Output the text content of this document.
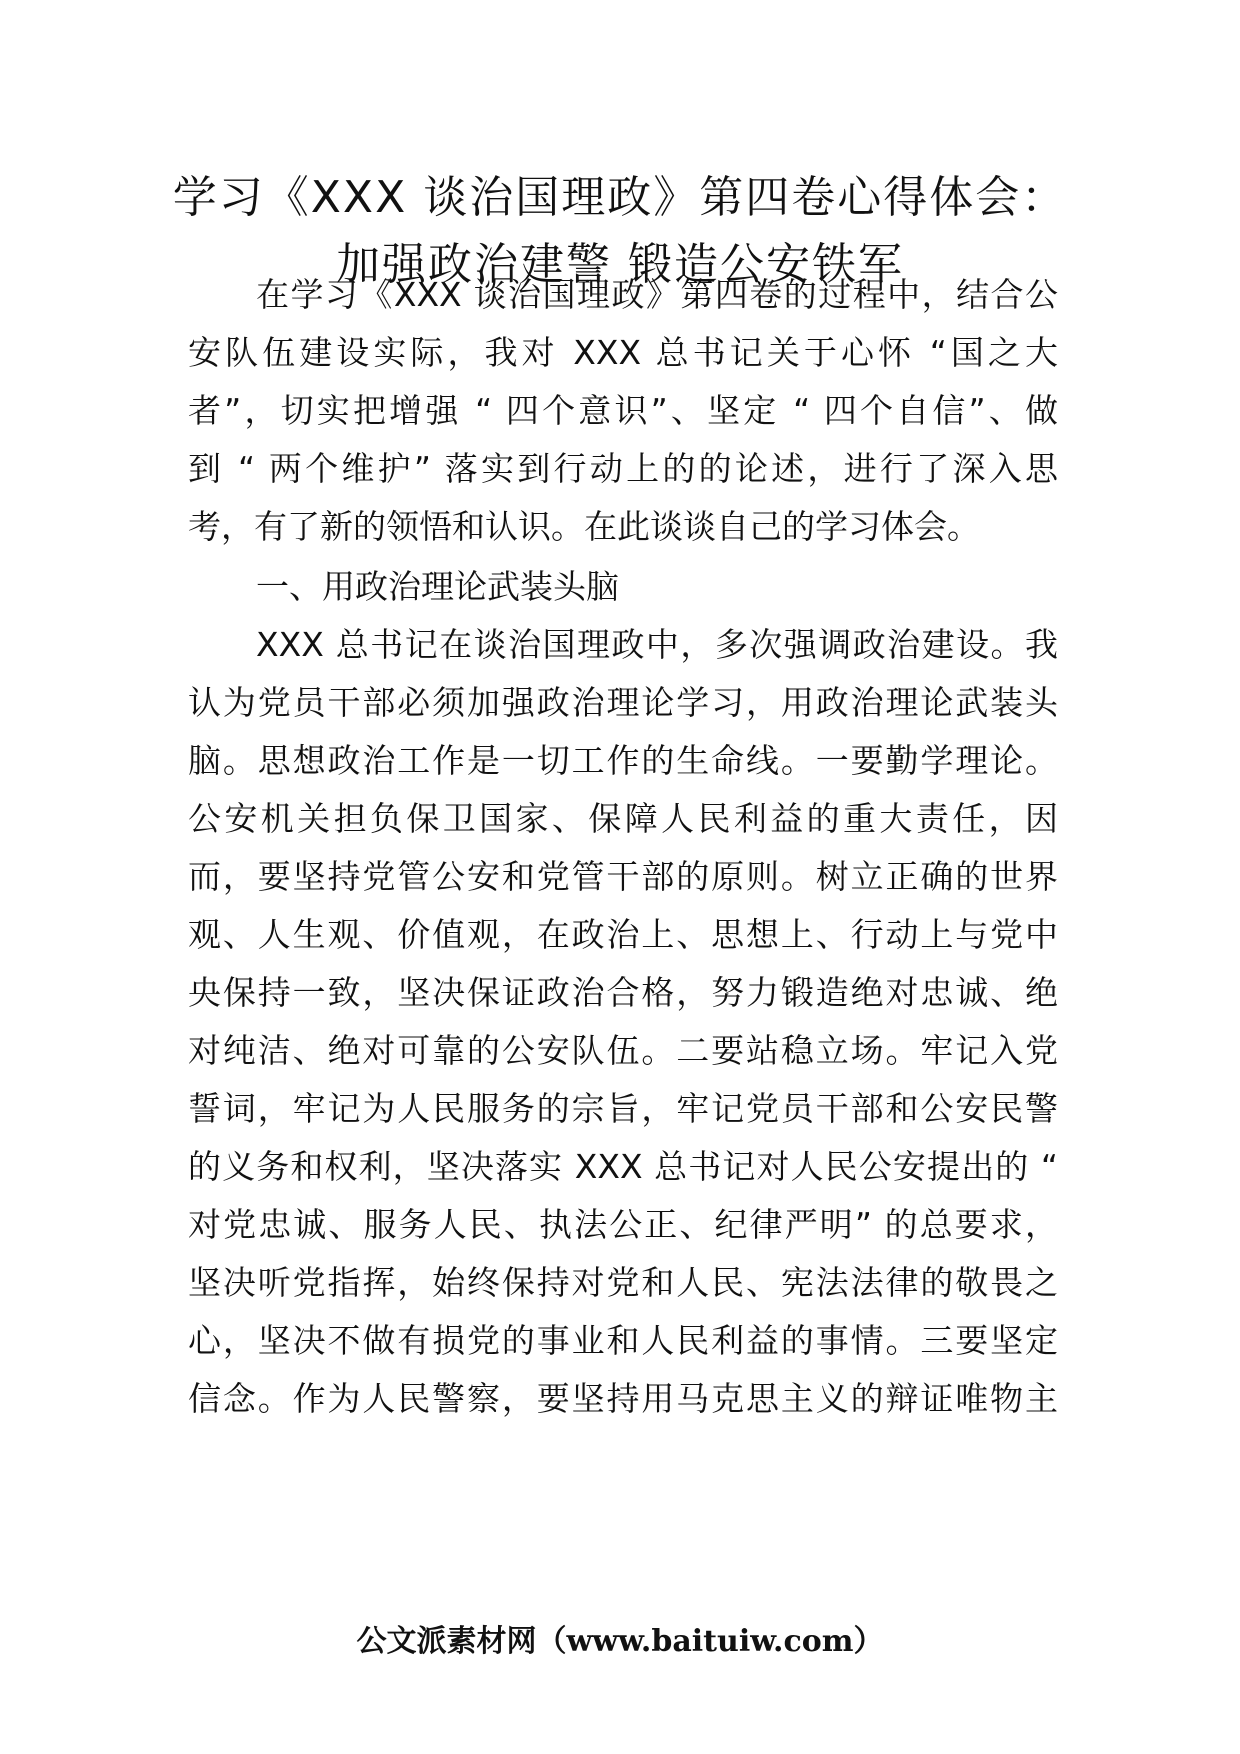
学习《XXX 谈治国理政》第四卷心得体会：
加强政治建警 锻造公安铁军
在学习《XXX 谈治国理政》第四卷的过程中，结合公
安队伍建设实际，我对 XXX 总书记关于心怀 “国之大
者”，切实把增强 “ 四个意识”、坚定 “ 四个自信”、做
到 “ 两个维护” 落实到行动上的的论述，进行了深入思
考，有了新的领悟和认识。在此谈谈自己的学习体会。
一、用政治理论武装头脑
XXX 总书记在谈治国理政中，多次强调政治建设。我
认为党员干部必须加强政治理论学习，用政治理论武装头
脑。思想政治工作是一切工作的生命线。一要勤学理论。
公安机关担负保卫国家、保障人民利益的重大责任，因
而，要坚持党管公安和党管干部的原则。树立正确的世界
观、人生观、价值观，在政治上、思想上、行动上与党中
央保持一致，坚决保证政治合格，努力锻造绝对忠诚、绝
对纯洁、绝对可靠的公安队伍。二要站稳立场。牢记入党
誓词，牢记为人民服务的宗旨，牢记党员干部和公安民警
的义务和权利，坚决落实 XXX 总书记对人民公安提出的 “
对党忠诚、服务人民、执法公正、纪律严明” 的总要求，
坚决听党指挥，始终保持对党和人民、宪法法律的敬畏之
心，坚决不做有损党的事业和人民利益的事情。三要坚定
信念。作为人民警察，要坚持用马克思主义的辩证唯物主
公文派素材网（www.baituiw.com）
